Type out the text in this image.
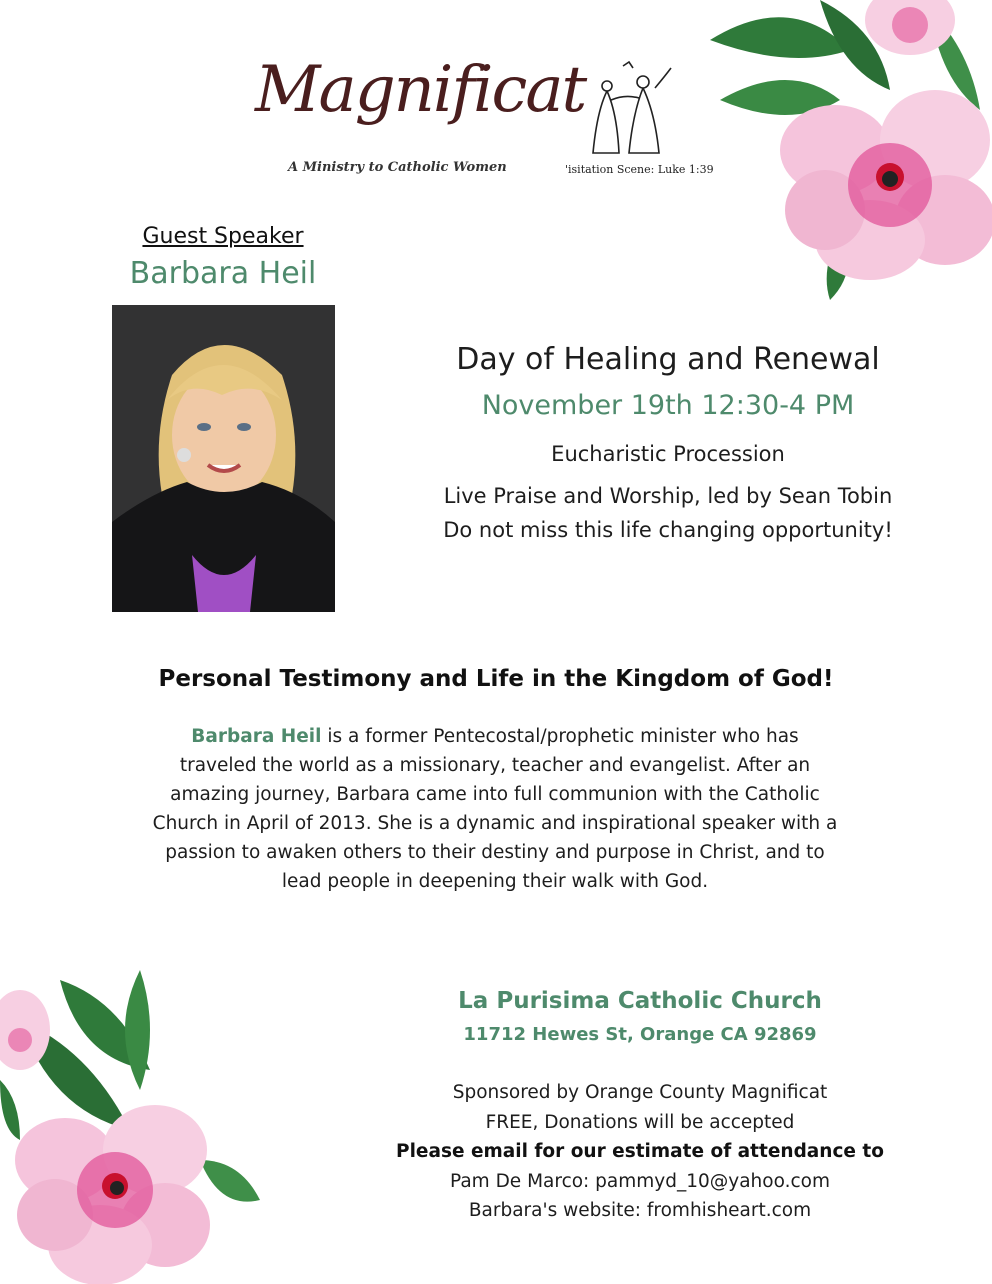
Magnificat
A Ministry to Catholic Women	'isitation Scene: Luke 1:39
Guest Speaker
Barbara Heil
Day of Healing and Renewal
November 19th 12:30-4 PM
Eucharistic Procession
Live Praise and Worship, led by Sean Tobin
Do not miss this life changing opportunity!
Personal Testimony and Life in the Kingdom of God!
Barbara Heil is a former Pentecostal/prophetic minister who has traveled the world as a missionary, teacher and evangelist. After an amazing journey, Barbara came into full communion with the Catholic Church in April of 2013. She is a dynamic and inspirational speaker with a passion to awaken others to their destiny and purpose in Christ, and to lead people in deepening their walk with God.
La Purisima Catholic Church
11712 Hewes St, Orange CA 92869
Sponsored by Orange County Magnificat
FREE, Donations will be accepted
Please email for our estimate of attendance to
Pam De Marco: pammyd_10@yahoo.com
Barbara's website: fromhisheart.com
